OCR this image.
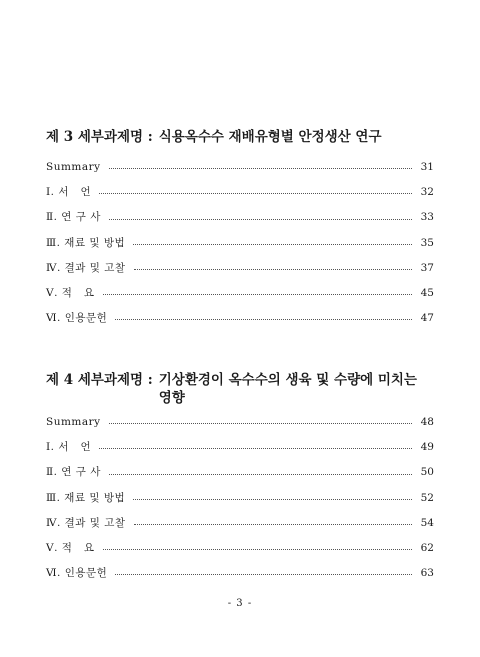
제 3 세부과제명 : 식용옥수수 재배유형별 안정생산 연구
Summary	31
Ⅰ. 서   언	32
Ⅱ. 연 구 사	33
Ⅲ. 재료 및 방법	35
Ⅳ. 결과 및 고찰	37
Ⅴ. 적   요	45
Ⅵ. 인용문헌	47
제 4 세부과제명 : 기상환경이 옥수수의 생육 및 수량에 미치는 영향
Summary	48
Ⅰ. 서   언	49
Ⅱ. 연 구 사	50
Ⅲ. 재료 및 방법	52
Ⅳ. 결과 및 고찰	54
Ⅴ. 적   요	62
Ⅵ. 인용문헌	63
- 3 -
